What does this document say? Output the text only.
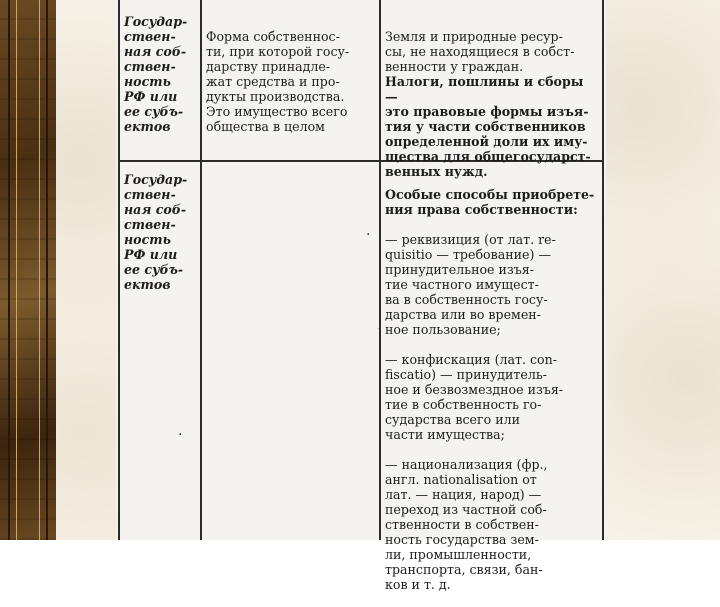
Государ-
ствен-
ная соб-
ствен-
ность
РФ или
ее субъ-
ектов

Форма собственнос-
ти, при которой госу-
дарству принадле-
жат средства и про-
дукты производства.
Это имущество всего
общества в целом

Земля и природные ресур-
сы, не находящиеся в собст-
венности у граждан.
Налоги, пошлины и сборы —
это правовые формы изъя-
тия у части собственников
определенной доли их иму-
щества для общегосударст-
венных нужд.

Государ-
ствен-
ная соб-
ствен-
ность
РФ или
ее субъ-
ектов

Особые способы приобрете-
ния права собственности:

— реквизиция (от лат. re-
quisitio — требование) —
принудительное изъя-
тие частного имущест-
ва в собственность госу-
дарства или во времен-
ное пользование;

— конфискация (лат. con-
fiscatio) — принудитель-
ное и безвозмездное изъя-
тие в собственность го-
сударства всего или
части имущества;

— национализация (фр.,
англ. nationalisation от
лат. — нация, народ) —
переход из частной соб-
ственности в собствен-
ность государства зем-
ли, промышленности,
транспорта, связи, бан-
ков и т. д.

·
,
·
